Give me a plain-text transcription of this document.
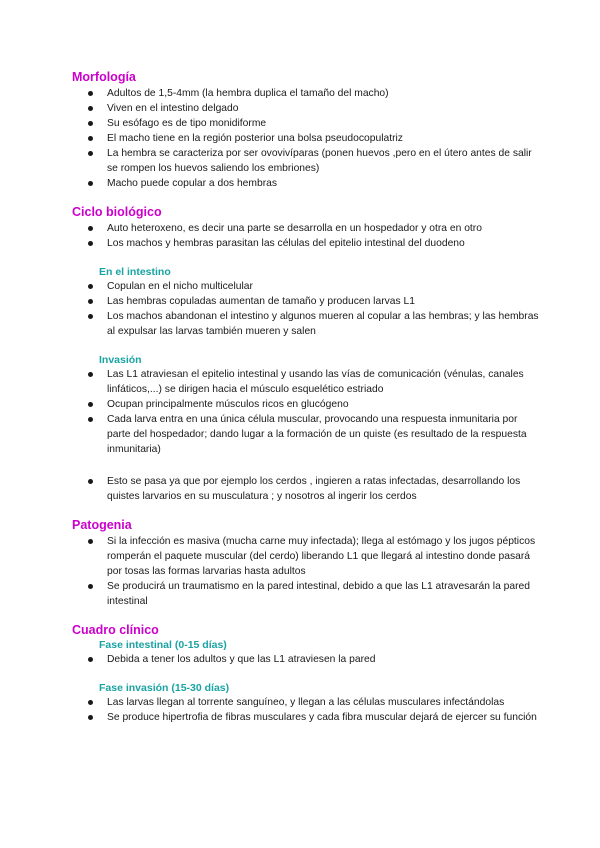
Morfología
Adultos de 1,5-4mm (la hembra duplica el tamaño del macho)
Viven en el intestino delgado
Su esófago es de tipo monidiforme
El macho tiene en la región posterior una bolsa pseudocopulatriz
La hembra se caracteriza por ser ovovivíparas (ponen huevos ,pero en el útero antes de salir se rompen los huevos saliendo los embriones)
Macho puede copular a dos hembras
Ciclo biológico
Auto heteroxeno, es decir una parte se desarrolla en un hospedador y otra en otro
Los machos y hembras parasitan las células del epitelio intestinal del duodeno
En el intestino
Copulan en el nicho multicelular
Las hembras copuladas aumentan de tamaño y producen larvas L1
Los machos abandonan el intestino y algunos mueren al copular a las hembras; y las hembras al expulsar las larvas también mueren y salen
Invasión
Las L1 atraviesan el epitelio intestinal y usando las vías de comunicación (vénulas, canales linfáticos,...) se dirigen hacia el músculo esquelético estriado
Ocupan principalmente músculos ricos en glucógeno
Cada larva entra en una única célula muscular, provocando una respuesta inmunitaria por parte del hospedador; dando lugar a la formación de un quiste (es resultado de la respuesta inmunitaria)
Esto se pasa ya que por ejemplo los cerdos , ingieren a ratas infectadas, desarrollando los quistes larvarios en su musculatura ; y nosotros al ingerir los cerdos
Patogenia
Si la infección es masiva (mucha carne muy infectada); llega al estómago y los jugos pépticos romperán el paquete muscular (del cerdo) liberando L1 que llegará al intestino donde pasará por tosas las formas larvarias hasta adultos
Se producirá un traumatismo en la pared intestinal, debido a que las L1 atravesarán la pared intestinal
Cuadro clínico
Fase intestinal (0-15 días)
Debida a tener los adultos y que las L1 atraviesen la pared
Fase invasión (15-30 días)
Las larvas llegan al torrente sanguíneo, y llegan a las células musculares infectándolas
Se produce hipertrofia de fibras musculares y cada fibra muscular dejará de ejercer su función
